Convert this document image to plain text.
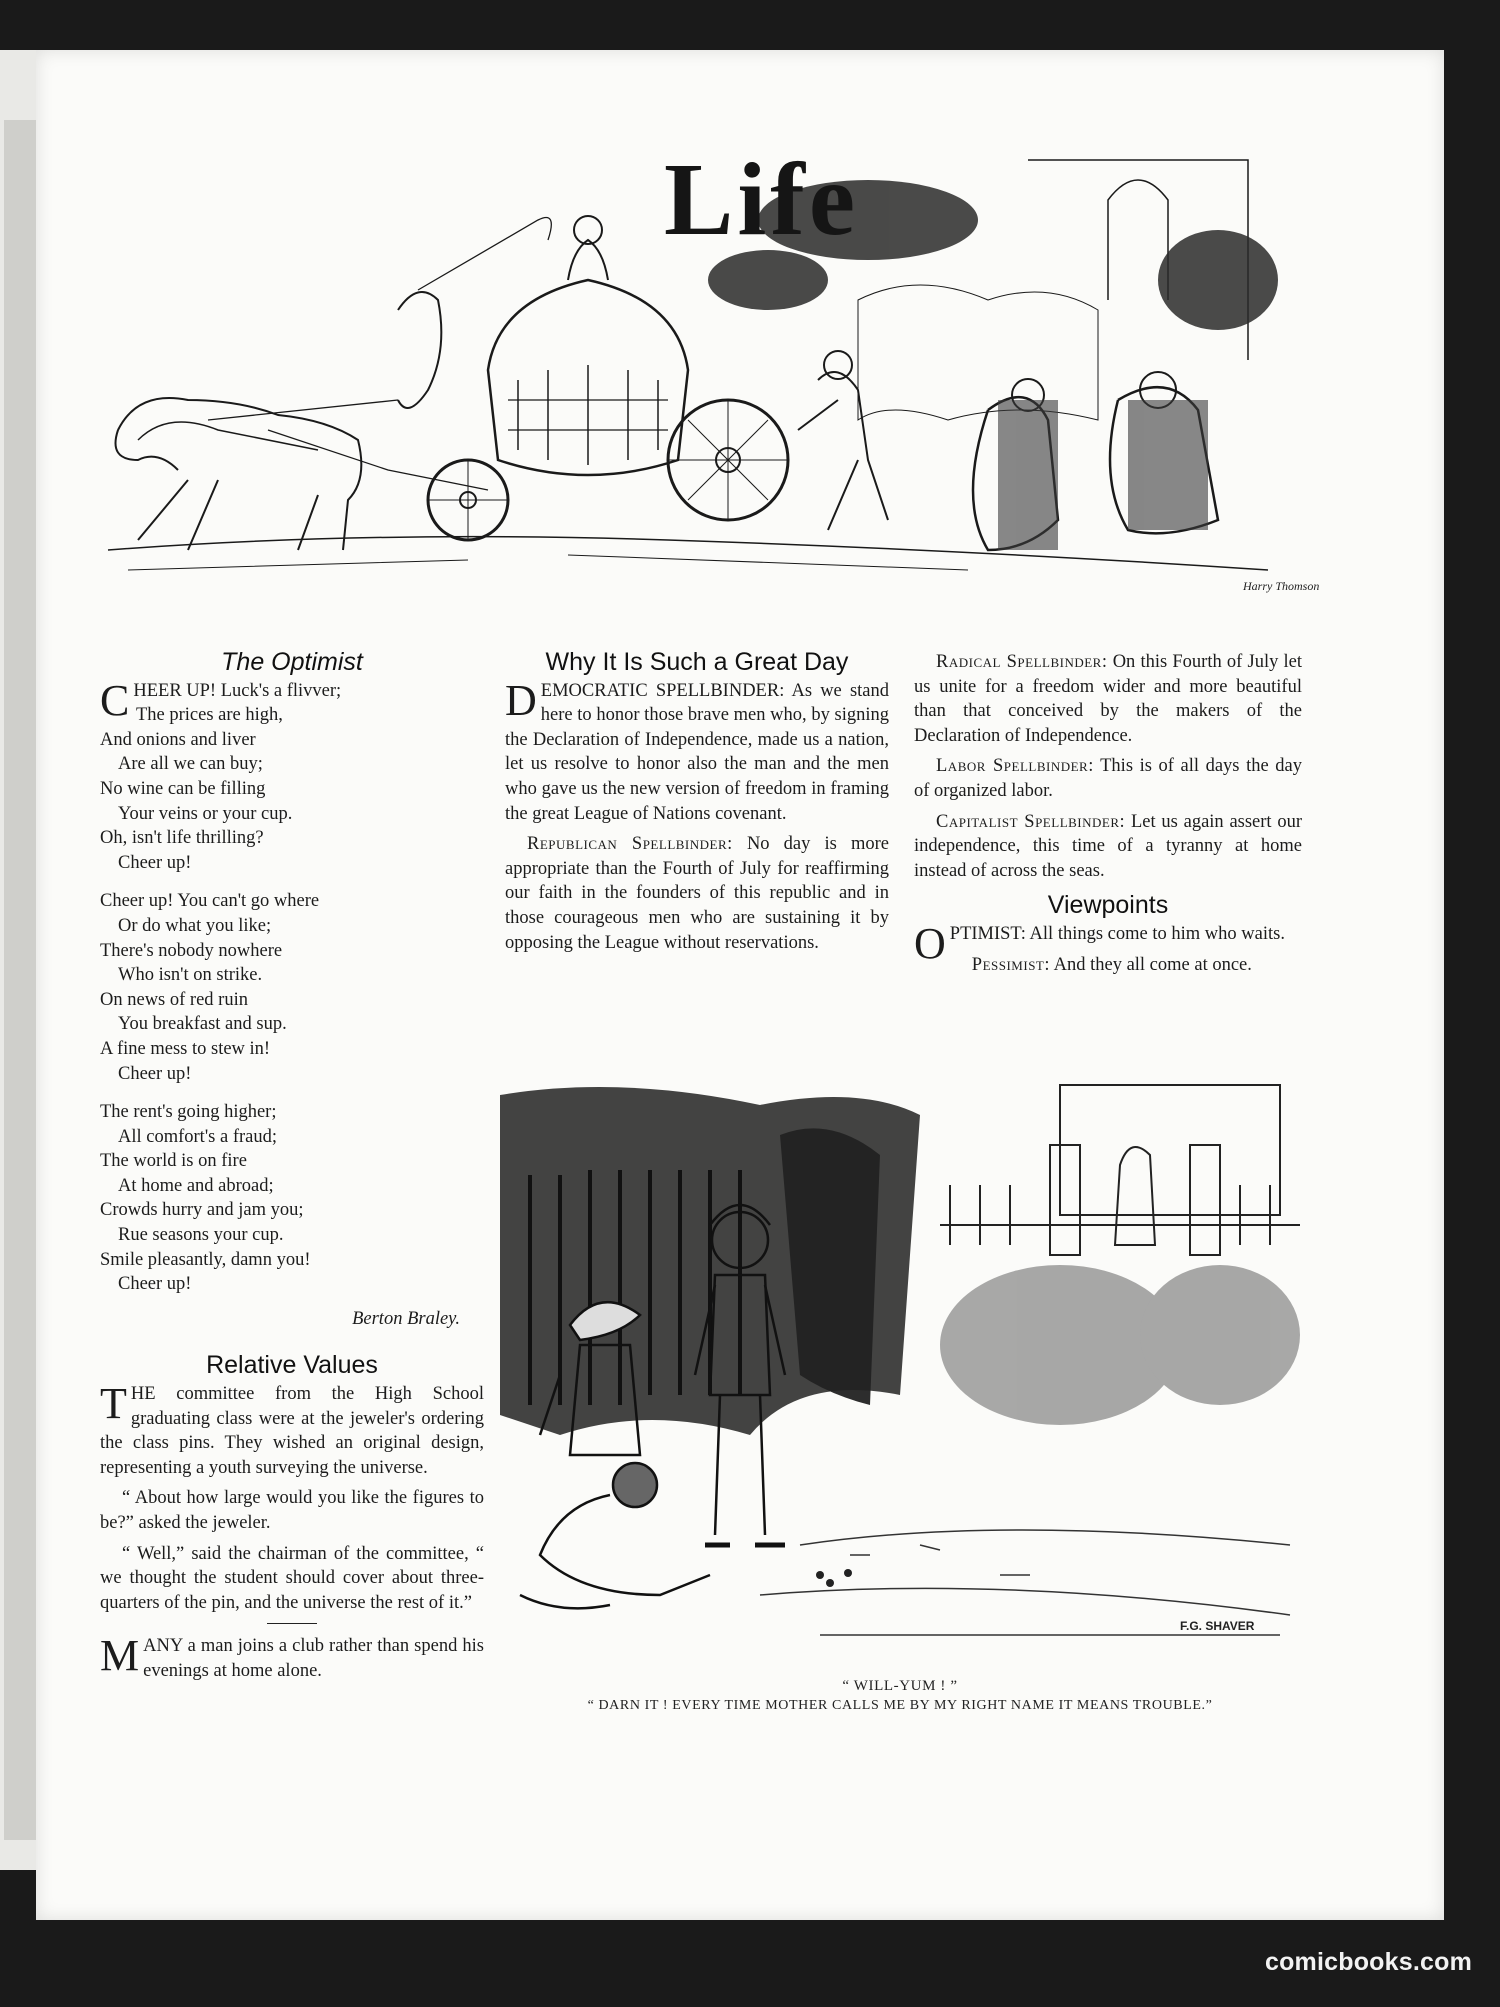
Harry Thomson
Life
The Optimist
C HEER UP! Luck's a flivver;
The prices are high,
And onions and liver
Are all we can buy;
No wine can be filling
Your veins or your cup.
Oh, isn't life thrilling?
Cheer up!
Cheer up! You can't go where
Or do what you like;
There's nobody nowhere
Who isn't on strike.
On news of red ruin
You breakfast and sup.
A fine mess to stew in!
Cheer up!
The rent's going higher;
All comfort's a fraud;
The world is on fire
At home and abroad;
Crowds hurry and jam you;
Rue seasons your cup.
Smile pleasantly, damn you!
Cheer up!
Berton Braley.
Relative Values

THE committee from the High School graduating class were at the jeweler's ordering the class pins. They wished an original design, representing a youth surveying the universe.

“ About how large would you like the figures to be?” asked the jeweler.

“ Well,” said the chairman of the committee, “ we thought the student should cover about three-quarters of the pin, and the universe the rest of it.”

MANY a man joins a club rather than spend his evenings at home alone.

Why It Is Such a Great Day

DEMOCRATIC SPELLBINDER: As we stand here to honor those brave men who, by signing the Declaration of Independence, made us a nation, let us resolve to honor also the man and the men who gave us the new version of freedom in framing the great League of Nations covenant.

Republican Spellbinder: No day is more appropriate than the Fourth of July for reaffirming our faith in the founders of this republic and in those courageous men who are sustaining it by opposing the League without reservations.

Radical Spellbinder: On this Fourth of July let us unite for a freedom wider and more beautiful than that conceived by the makers of the Declaration of Independence.

Labor Spellbinder: This is of all days the day of organized labor.

Capitalist Spellbinder: Let us again assert our independence, this time of a tyranny at home instead of across the seas.

Viewpoints

OPTIMIST: All things come to him who waits.

Pessimist: And they all come at once.

F.G. SHAVER
“ WILL-YUM ! ”
“ DARN IT ! EVERY TIME MOTHER CALLS ME BY MY RIGHT NAME IT MEANS TROUBLE.”
comicbooks.com
